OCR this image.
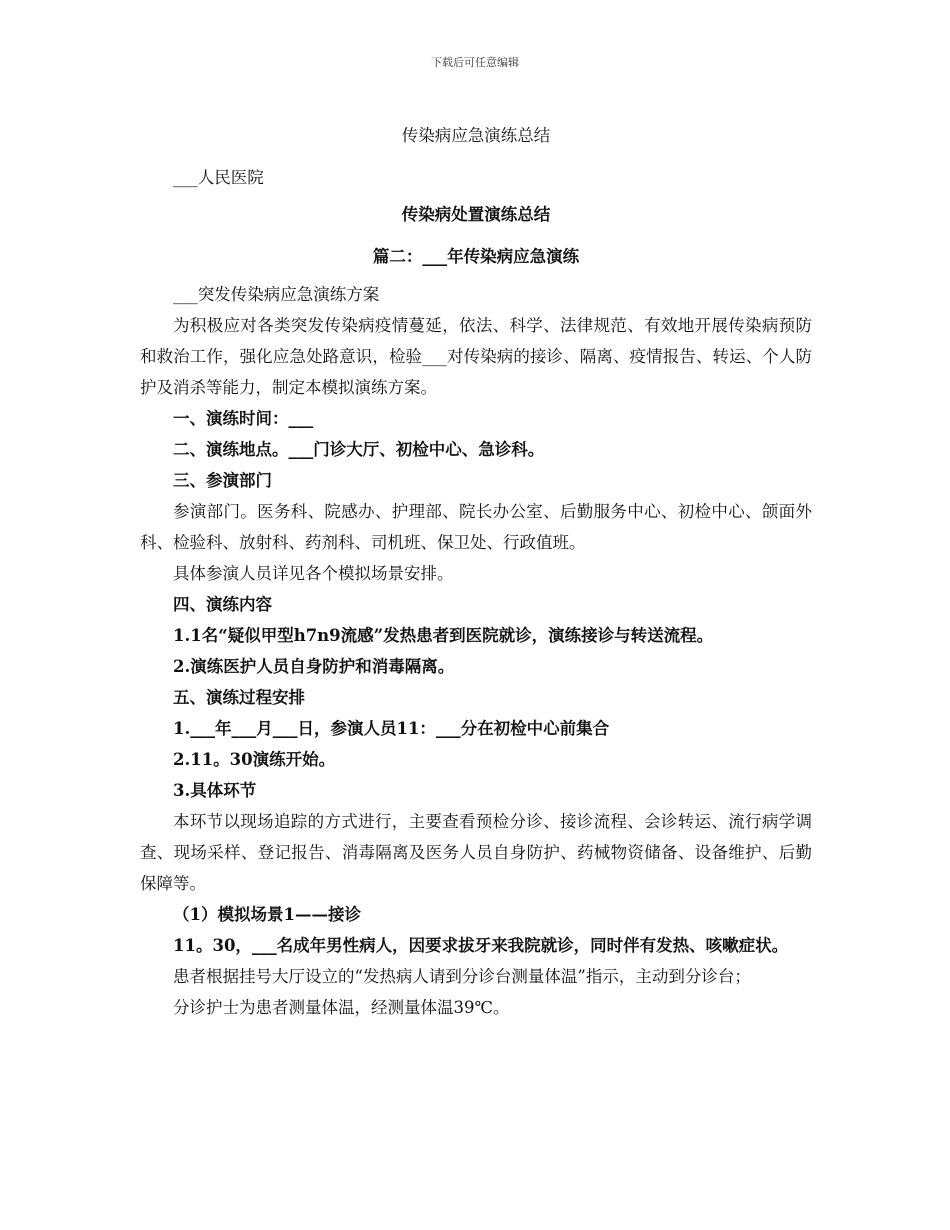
下载后可任意编辑

传染病应急演练总结

___人民医院

传染病处置演练总结

篇二：___年传染病应急演练

___突发传染病应急演练方案

为积极应对各类突发传染病疫情蔓延，依法、科学、法律规范、有效地开展传染病预防和救治工作，强化应急处路意识，检验___对传染病的接诊、隔离、疫情报告、转运、个人防护及消杀等能力，制定本模拟演练方案。

一、演练时间：___

二、演练地点。___门诊大厅、初检中心、急诊科。

三、参演部门

参演部门。医务科、院感办、护理部、院长办公室、后勤服务中心、初检中心、颌面外科、检验科、放射科、药剂科、司机班、保卫处、行政值班。

具体参演人员详见各个模拟场景安排。

四、演练内容

1.1名“疑似甲型h7n9流感”发热患者到医院就诊，演练接诊与转送流程。

2.演练医护人员自身防护和消毒隔离。

五、演练过程安排

1.___年___月___日，参演人员11：___分在初检中心前集合

2.11。30演练开始。

3.具体环节

本环节以现场追踪的方式进行，主要查看预检分诊、接诊流程、会诊转运、流行病学调查、现场采样、登记报告、消毒隔离及医务人员自身防护、药械物资储备、设备维护、后勤保障等。

（1）模拟场景1——接诊

11。30，___名成年男性病人，因要求拔牙来我院就诊，同时伴有发热、咳嗽症状。

患者根据挂号大厅设立的“发热病人请到分诊台测量体温”指示，主动到分诊台；

分诊护士为患者测量体温，经测量体温39℃。
